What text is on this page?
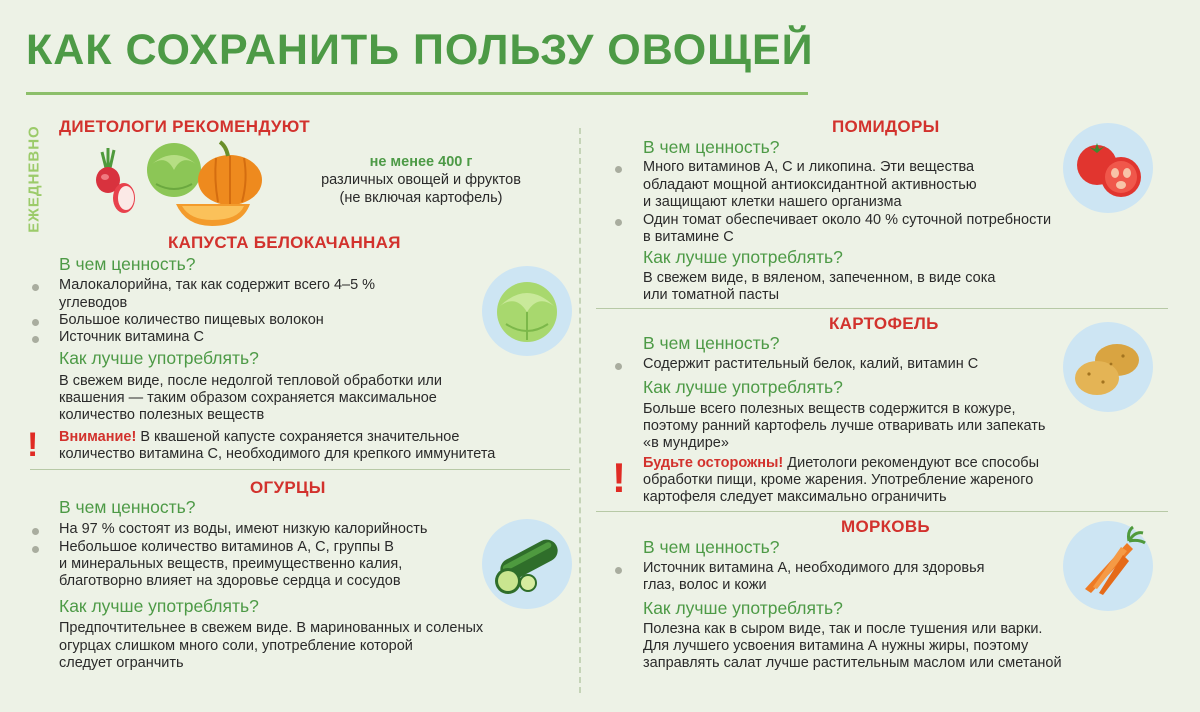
КАК СОХРАНИТЬ ПОЛЬЗУ ОВОЩЕЙ
ЕЖЕДНЕВНО ДИЕТОЛОГИ РЕКОМЕНДУЮТ
не менее 400 г
различных овощей и фруктов
(не включая картофель)
КАПУСТА БЕЛОКАЧАННАЯ
В чем ценность?
Малокалорийна, так как содержит всего 4–5 %
углеводов
Большое количество пищевых волокон
Источник витамина С
Как лучше употреблять?
В свежем виде, после недолгой тепловой обработки или
квашения — таким образом сохраняется максимальное
количество полезных веществ
! Внимание! В квашеной капусте сохраняется значительное
количество витамина С, необходимого для крепкого иммунитета
ОГУРЦЫ
В чем ценность?
На 97 % состоят из воды, имеют низкую калорийность
Небольшое количество витаминов А, С, группы В
и минеральных веществ, преимущественно калия,
благотворно влияет на здоровье сердца и сосудов
Как лучше употреблять?
Предпочтительнее в свежем виде. В маринованных и соленых
огурцах слишком много соли, употребление которой
следует огранчить
ПОМИДОРЫ
В чем ценность?
Много витаминов А, С и ликопина. Эти вещества
обладают мощной антиоксидантной активностью
и защищают клетки нашего организма
Один томат обеспечивает около 40 % суточной потребности
в витамине С
Как лучше употреблять?
В свежем виде, в вяленом, запеченном, в виде сока
или томатной пасты
КАРТОФЕЛЬ
В чем ценность?
Содержит растительный белок, калий, витамин С
Как лучше употреблять?
Больше всего полезных веществ содержится в кожуре,
поэтому ранний картофель лучше отваривать или запекать
«в мундире»
! Будьте осторожны! Диетологи рекомендуют все способы
обработки пищи, кроме жарения. Употребление жареного
картофеля следует максимально ограничить
МОРКОВЬ
В чем ценность?
Источник витамина А, необходимого для здоровья
глаз, волос и кожи
Как лучше употреблять?
Полезна как в сыром виде, так и после тушения или варки.
Для лучшего усвоения витамина А нужны жиры, поэтому
заправлять салат лучше растительным маслом или сметаной
